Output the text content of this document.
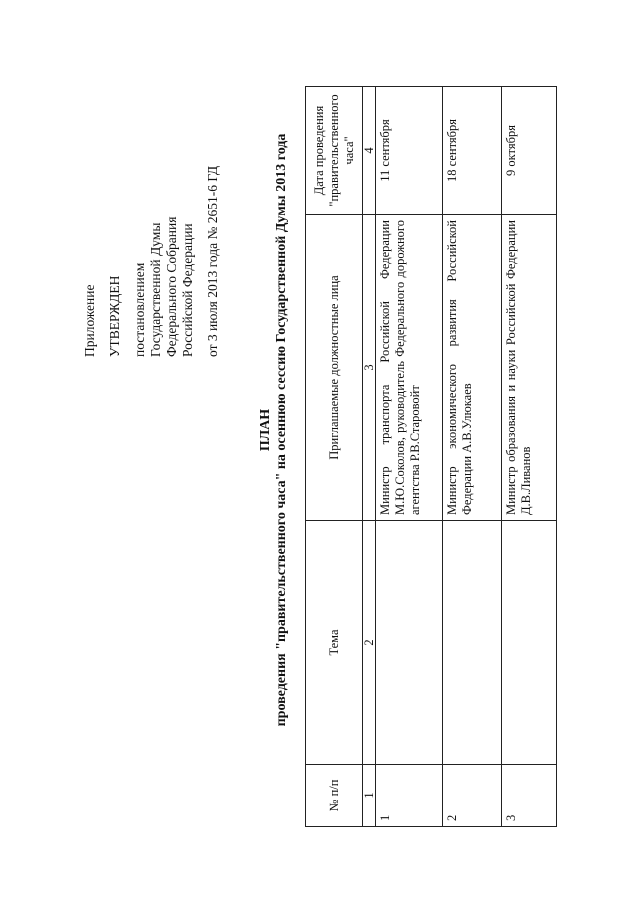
Приложение УТВЕРЖДЕН постановлением Государственной Думы Федерального Собрания Российской Федерации от 3 июля 2013 года № 2651-6 ГД
ПЛАН проведения "правительственного часа" на осеннюю сессию Государственной Думы 2013 года
№ п/п	Тема	Приглашаемые должностные лица	Дата проведения "правительственного часа"
1	2	3	4
1		Министр транспорта Российской Федерации М.Ю.Соколов, руководитель Федерального дорожного агентства Р.В.Старовойт	11 сентября
2		Министр экономического развития Российской Федерации А.В.Улюкаев	18 сентября
3		Министр образования и науки Российской Федерации Д.В.Ливанов	9 октября
